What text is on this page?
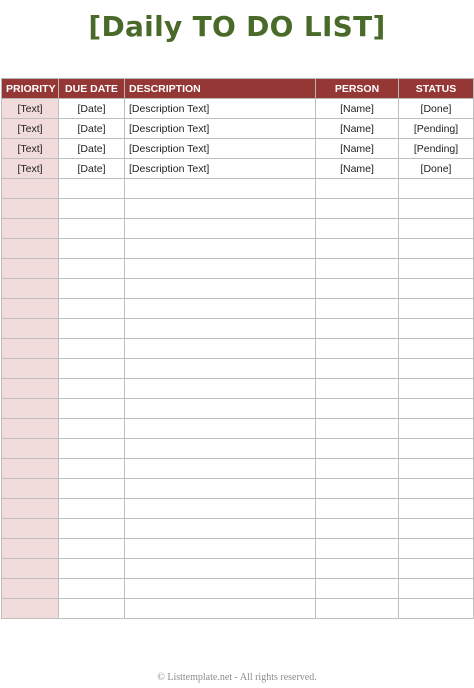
[Daily TO DO LIST]
PRIORITY	DUE DATE	DESCRIPTION	PERSON	STATUS
[Text]	[Date]	[Description Text]	[Name]	[Done]
[Text]	[Date]	[Description Text]	[Name]	[Pending]
[Text]	[Date]	[Description Text]	[Name]	[Pending]
[Text]	[Date]	[Description Text]	[Name]	[Done]

© Listtemplate.net - All rights reserved.
